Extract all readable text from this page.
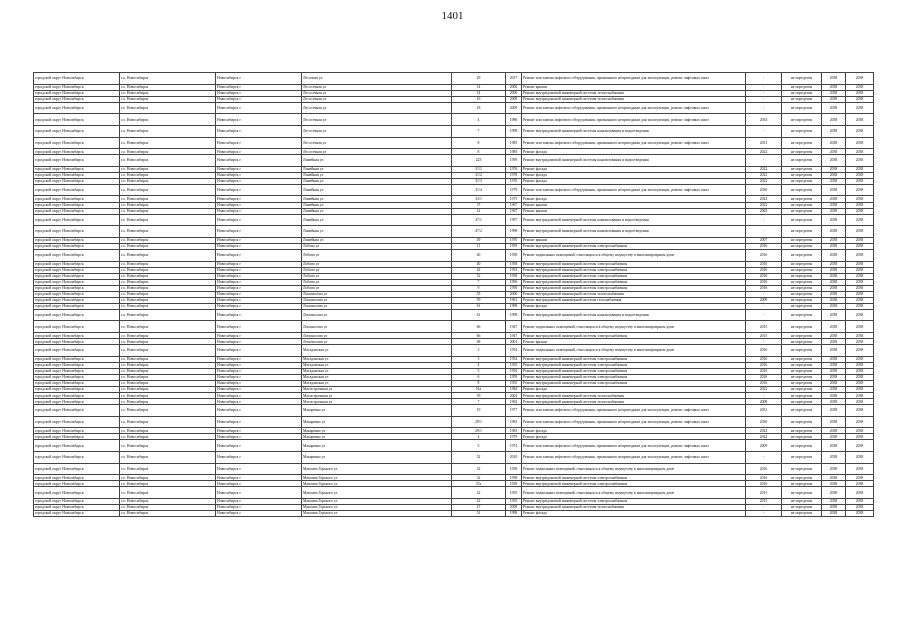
1401
городской округ Новосибирск	г.о. Новосибирск	Новосибирск г	Лесозная ул	29	2017	Ремонт или замена лифтового оборудования, признанного непригодным для эксплуатации, ремонт лифтовых шахт	-	не определен	2038	2038
городской округ Новосибирск	г.о. Новосибирск	Новосибирск г	Лесосечная ул	14	2006	Ремонт крыши	-	не определен	2038	2038
городской округ Новосибирск	г.о. Новосибирск	Новосибирск г	Лесосечная ул	14	2006	Ремонт внутридомовой инженерной системы теплоснабжения	-	не определен	2038	2038
городской округ Новосибирск	г.о. Новосибирск	Новосибирск г	Лесосечная ул	16	2008	Ремонт внутридомовой инженерной системы теплоснабжения	-	не определен	2038	2038
городской округ Новосибирск	г.о. Новосибирск	Новосибирск г	Лесосечная ул	18	2009	Ремонт или замена лифтового оборудования, признанного непригодным для эксплуатации, ремонт лифтовых шахт	-	не определен	2038	2038
городской округ Новосибирск	г.о. Новосибирск	Новосибирск г	Лесосечная ул	4	1986	Ремонт или замена лифтового оборудования, признанного непригодным для эксплуатации, ремонт лифтовых шахт	2033	не определен	2038	2038
городской округ Новосибирск	г.о. Новосибирск	Новосибирск г	Лесосечная ул	7	1998	Ремонт внутридомовой инженерной системы канализования и водоотведения	-	не определен	2038	2038
городской округ Новосибирск	г.о. Новосибирск	Новосибирск г	Лесосечная ул	8	1985	Ремонт или замена лифтового оборудования, признанного непригодным для эксплуатации, ремонт лифтовых шахт	2031	не определен	2038	2038
городской округ Новосибирск	г.о. Новосибирск	Новосибирск г	Лесосечная ул	8	1985	Ремонт фасада	2022	не определен	2038	2038
городской округ Новосибирск	г.о. Новосибирск	Новосибирск г	Линейная ул	225	1959	Ремонт внутридомовой инженерной системы канализования и водоотведения	-	не определен	2038	2038
городской округ Новосибирск	г.о. Новосибирск	Новосибирск г	Линейная ул	31/1	1976	Ремонт фасада	2022	не определен	2038	2038
городской округ Новосибирск	г.о. Новосибирск	Новосибирск г	Линейная ул	31/2	1978	Ремонт фасада	2022	не определен	2038	2038
городской округ Новосибирск	г.о. Новосибирск	Новосибирск г	Линейная ул	31/3	1976	Ремонт фасада	2022	не определен	2038	2038
городской округ Новосибирск	г.о. Новосибирск	Новосибирск г	Линейная ул	31/4	1979	Ремонт или замена лифтового оборудования, признанного непригодным для эксплуатации, ремонт лифтовых шахт	2030	не определен	2038	2038
городской округ Новосибирск	г.о. Новосибирск	Новосибирск г	Линейная ул	33/1	1975	Ремонт фасада	2022	не определен	2038	2038
городской округ Новосибирск	г.о. Новосибирск	Новосибирск г	Линейная ул	37	1967	Ремонт крыши	2022	не определен	2038	2038
городской округ Новосибирск	г.о. Новосибирск	Новосибирск г	Линейная ул	41	1967	Ремонт крыши	2065	не определен	2038	2038
городской округ Новосибирск	г.о. Новосибирск	Новосибирск г	Линейная ул	47/1	1997	Ремонт внутридомовой инженерной системы канализования и водоотведения	-	не определен	2038	2038
городской округ Новосибирск	г.о. Новосибирск	Новосибирск г	Линейная ул	47/2	1998	Ремонт внутридомовой инженерной системы канализования и водоотведения	-	не определен	2038	2038
городской округ Новосибирск	г.о. Новосибирск	Новосибирск г	Линейная ул	49	1970	Ремонт крыши	2007	не определен	2038	2038
городской округ Новосибирск	г.о. Новосибирск	Новосибирск г	Лобова ул	11	1959	Ремонт внутридомовой инженерной системы электроснабжения	2016	не определен	2038	2038
городской округ Новосибирск	г.о. Новосибирск	Новосибирск г	Лобова ул	40	1958	Ремонт подвальных помещений, относящихся к общему имуществу в многоквартирном доме	2016	не определен	2038	2038
городской округ Новосибирск	г.о. Новосибирск	Новосибирск г	Лобова ул	40	1958	Ремонт внутридомовой инженерной системы электроснабжения	2016	не определен	2038	2038
городской округ Новосибирск	г.о. Новосибирск	Новосибирск г	Лобова ул	42	1953	Ремонт внутридомовой инженерной системы электроснабжения	2016	не определен	2038	2038
городской округ Новосибирск	г.о. Новосибирск	Новосибирск г	Лобова ул	52	1958	Ремонт внутридомовой инженерной системы электроснабжения	2016	не определен	2038	2038
городской округ Новосибирск	г.о. Новосибирск	Новосибирск г	Лобова ул	7	1956	Ремонт внутридомовой инженерной системы электроснабжения	2016	не определен	2038	2038
городской округ Новосибирск	г.о. Новосибирск	Новосибирск г	Лобова ул	9	1959	Ремонт внутридомовой инженерной системы электроснабжения	2016	не определен	2038	2038
городской округ Новосибирск	г.о. Новосибирск	Новосибирск г	Ломоносова ул	55	2006	Ремонт внутридомовой инженерной системы теплоснабжения	-	не определен	2038	2038
городской округ Новосибирск	г.о. Новосибирск	Новосибирск г	Ломоносова ул	59	1961	Ремонт внутридомовой инженерной системы газоснабжения	2009	не определен	2038	2038
городской округ Новосибирск	г.о. Новосибирск	Новосибирск г	Ломоносова ул	61	1998	Ремонт фасада	-	не определен	2038	2038
городской округ Новосибирск	г.о. Новосибирск	Новосибирск г	Ломоносова ул	61	1998	Ремонт внутридомовой инженерной системы канализования и водоотведения	-	не определен	2038	2038
городской округ Новосибирск	г.о. Новосибирск	Новосибирск г	Ломоносова ул	66	1947	Ремонт подвальных помещений, относящихся к общему имуществу в многоквартирном доме	2015	не определен	2038	2038
городской округ Новосибирск	г.о. Новосибирск	Новосибирск г	Ломоносова ул	66	1947	Ремонт внутридомовой инженерной системы электроснабжения	2015	не определен	2038	2038
городской округ Новосибирск	г.о. Новосибирск	Новосибирск г	Ломоносова ул	68	2001	Ремонт крыши	-	не определен	2038	2038
городской округ Новосибирск	г.о. Новосибирск	Новосибирск г	Магаданская ул	3	1954	Ремонт подвальных помещений, относящихся к общему имуществу в многоквартирном доме	2016	не определен	2038	2038
городской округ Новосибирск	г.о. Новосибирск	Новосибирск г	Магаданская ул	3	1954	Ремонт внутридомовой инженерной системы электроснабжения	2016	не определен	2038	2038
городской округ Новосибирск	г.о. Новосибирск	Новосибирск г	Магаданская ул	4	1955	Ремонт внутридомовой инженерной системы электроснабжения	2016	не определен	2038	2038
городской округ Новосибирск	г.о. Новосибирск	Новосибирск г	Магаданская ул	5	1954	Ремонт внутридомовой инженерной системы электроснабжения	2016	не определен	2038	2038
городской округ Новосибирск	г.о. Новосибирск	Новосибирск г	Магаданская ул	6	1959	Ремонт внутридомовой инженерной системы электроснабжения	2016	не определен	2038	2038
городской округ Новосибирск	г.о. Новосибирск	Новосибирск г	Магаданская ул	8	1955	Ремонт внутридомовой инженерной системы электроснабжения	2016	не определен	2038	2038
городской округ Новосибирск	г.о. Новосибирск	Новосибирск г	Магистральная ул	51а	1984	Ремонт фасада	2022	не определен	2038	2038
городской округ Новосибирск	г.о. Новосибирск	Новосибирск г	Магистральная ул	59	2004	Ремонт внутридомовой инженерной системы теплоснабжения	-	не определен	2038	2038
городской округ Новосибирск	г.о. Новосибирск	Новосибирск г	Магистральная ул	7	1962	Ремонт внутридомовой инженерной системы теплоснабжения	2008	не определен	2038	2038
городской округ Новосибирск	г.о. Новосибирск	Новосибирск г	Макаренко ул	19	1977	Ремонт или замена лифтового оборудования, признанного непригодным для эксплуатации, ремонт лифтовых шахт	2031	не определен	2038	2038
городской округ Новосибирск	г.о. Новосибирск	Новосибирск г	Макаренко ул	29/1	1983	Ремонт или замена лифтового оборудования, признанного непригодным для эксплуатации, ремонт лифтовых шахт	2030	не определен	2038	2038
городской округ Новосибирск	г.о. Новосибирск	Новосибирск г	Макаренко ул	29/1	1983	Ремонт фасада	2022	не определен	2038	2038
городской округ Новосибирск	г.о. Новосибирск	Новосибирск г	Макаренко ул	4	1979	Ремонт фасада	2022	не определен	2038	2038
городской округ Новосибирск	г.о. Новосибирск	Новосибирск г	Макаренко ул	5	1974	Ремонт или замена лифтового оборудования, признанного непригодным для эксплуатации, ремонт лифтовых шахт	2009	не определен	2038	2038
городской округ Новосибирск	г.о. Новосибирск	Новосибирск г	Макаренко ул	52	2010	Ремонт или замена лифтового оборудования, признанного непригодным для эксплуатации, ремонт лифтовых шахт	-	не определен	2038	2038
городской округ Новосибирск	г.о. Новосибирск	Новосибирск г	Максима Горького ул	32	1958	Ремонт подвальных помещений, относящихся к общему имуществу в многоквартирном доме	2016	не определен	2038	2038
городской округ Новосибирск	г.о. Новосибирск	Новосибирск г	Максима Горького ул	32	1958	Ремонт внутридомовой инженерной системы электроснабжения	2016	не определен	2038	2038
городской округ Новосибирск	г.о. Новосибирск	Новосибирск г	Максима Горького ул	37а	1958	Ремонт внутридомовой инженерной системы электроснабжения	2016	не определен	2038	2038
городской округ Новосибирск	г.о. Новосибирск	Новосибирск г	Максима Горького ул	42	1955	Ремонт подвальных помещений, относящихся к общему имуществу в многоквартирном доме	2015	не определен	2038	2038
городской округ Новосибирск	г.о. Новосибирск	Новосибирск г	Максима Горького ул	42	1955	Ремонт внутридомовой инженерной системы электроснабжения	2015	не определен	2038	2038
городской округ Новосибирск	г.о. Новосибирск	Новосибирск г	Максима Горького ул	47	2008	Ремонт внутридомовой инженерной системы теплоснабжения	-	не определен	2038	2038
городской округ Новосибирск	г.о. Новосибирск	Новосибирск г	Максима Горького ул	51	1998	Ремонт фасада	-	не определен	2038	2038
